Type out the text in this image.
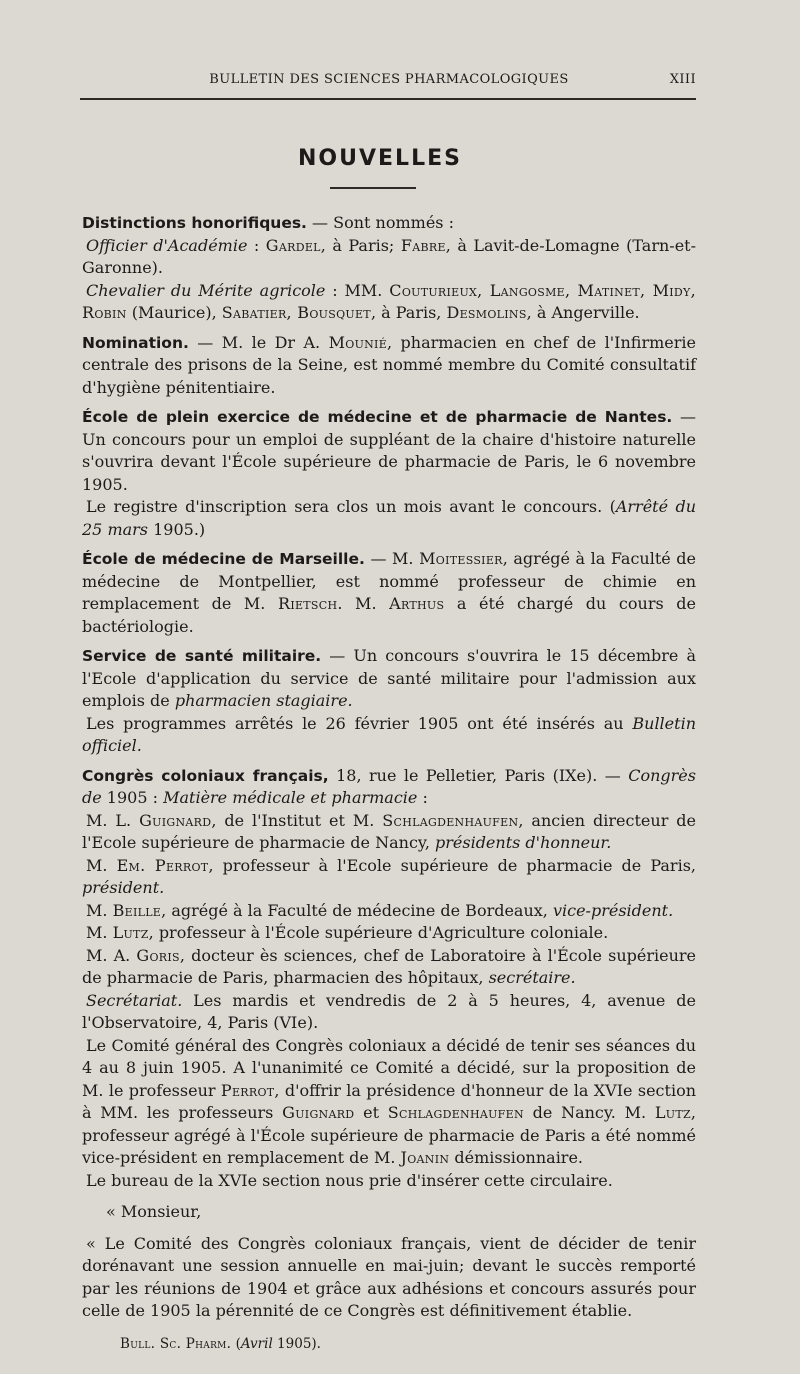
BULLETIN DES SCIENCES PHARMACOLOGIQUES	XIII
NOUVELLES

Distinctions honorifiques. — Sont nommés :

Officier d'Académie : Gardel, à Paris; Fabre, à Lavit-de-Lomagne (Tarn-et-Garonne).

Chevalier du Mérite agricole : MM. Couturieux, Langosme, Matinet, Midy, Robin (Maurice), Sabatier, Bousquet, à Paris, Desmolins, à Angerville.

Nomination. — M. le Dr A. Mounié, pharmacien en chef de l'Infirmerie centrale des prisons de la Seine, est nommé membre du Comité consultatif d'hygiène pénitentiaire.

École de plein exercice de médecine et de pharmacie de Nantes. — Un concours pour un emploi de suppléant de la chaire d'histoire naturelle s'ouvrira devant l'École supérieure de pharmacie de Paris, le 6 novembre 1905.

Le registre d'inscription sera clos un mois avant le concours. (Arrêté du 25 mars 1905.)

École de médecine de Marseille. — M. Moitessier, agrégé à la Faculté de médecine de Montpellier, est nommé professeur de chimie en remplacement de M. Rietsch. M. Arthus a été chargé du cours de bactériologie.

Service de santé militaire. — Un concours s'ouvrira le 15 décembre à l'Ecole d'application du service de santé militaire pour l'admission aux emplois de pharmacien stagiaire.

Les programmes arrêtés le 26 février 1905 ont été insérés au Bulletin officiel.

Congrès coloniaux français, 18, rue le Pelletier, Paris (IXe). — Congrès de 1905 : Matière médicale et pharmacie :

M. L. Guignard, de l'Institut et M. Schlagdenhaufen, ancien directeur de l'Ecole supérieure de pharmacie de Nancy, présidents d'honneur.

M. Em. Perrot, professeur à l'Ecole supérieure de pharmacie de Paris, président.

M. Beille, agrégé à la Faculté de médecine de Bordeaux, vice-président.

M. Lutz, professeur à l'École supérieure d'Agriculture coloniale.

M. A. Goris, docteur ès sciences, chef de Laboratoire à l'École supérieure de pharmacie de Paris, pharmacien des hôpitaux, secrétaire.

Secrétariat. Les mardis et vendredis de 2 à 5 heures, 4, avenue de l'Observatoire, 4, Paris (VIe).

Le Comité général des Congrès coloniaux a décidé de tenir ses séances du 4 au 8 juin 1905. A l'unanimité ce Comité a décidé, sur la proposition de M. le professeur Perrot, d'offrir la présidence d'honneur de la XVIe section à MM. les professeurs Guignard et Schlagdenhaufen de Nancy. M. Lutz, professeur agrégé à l'École supérieure de pharmacie de Paris a été nommé vice-président en remplacement de M. Joanin démissionnaire.

Le bureau de la XVIe section nous prie d'insérer cette circulaire.

« Monsieur,

« Le Comité des Congrès coloniaux français, vient de décider de tenir dorénavant une session annuelle en mai-juin; devant le succès remporté par les réunions de 1904 et grâce aux adhésions et concours assurés pour celle de 1905 la pérennité de ce Congrès est définitivement établie.

Bull. Sc. Pharm. (Avril 1905).
